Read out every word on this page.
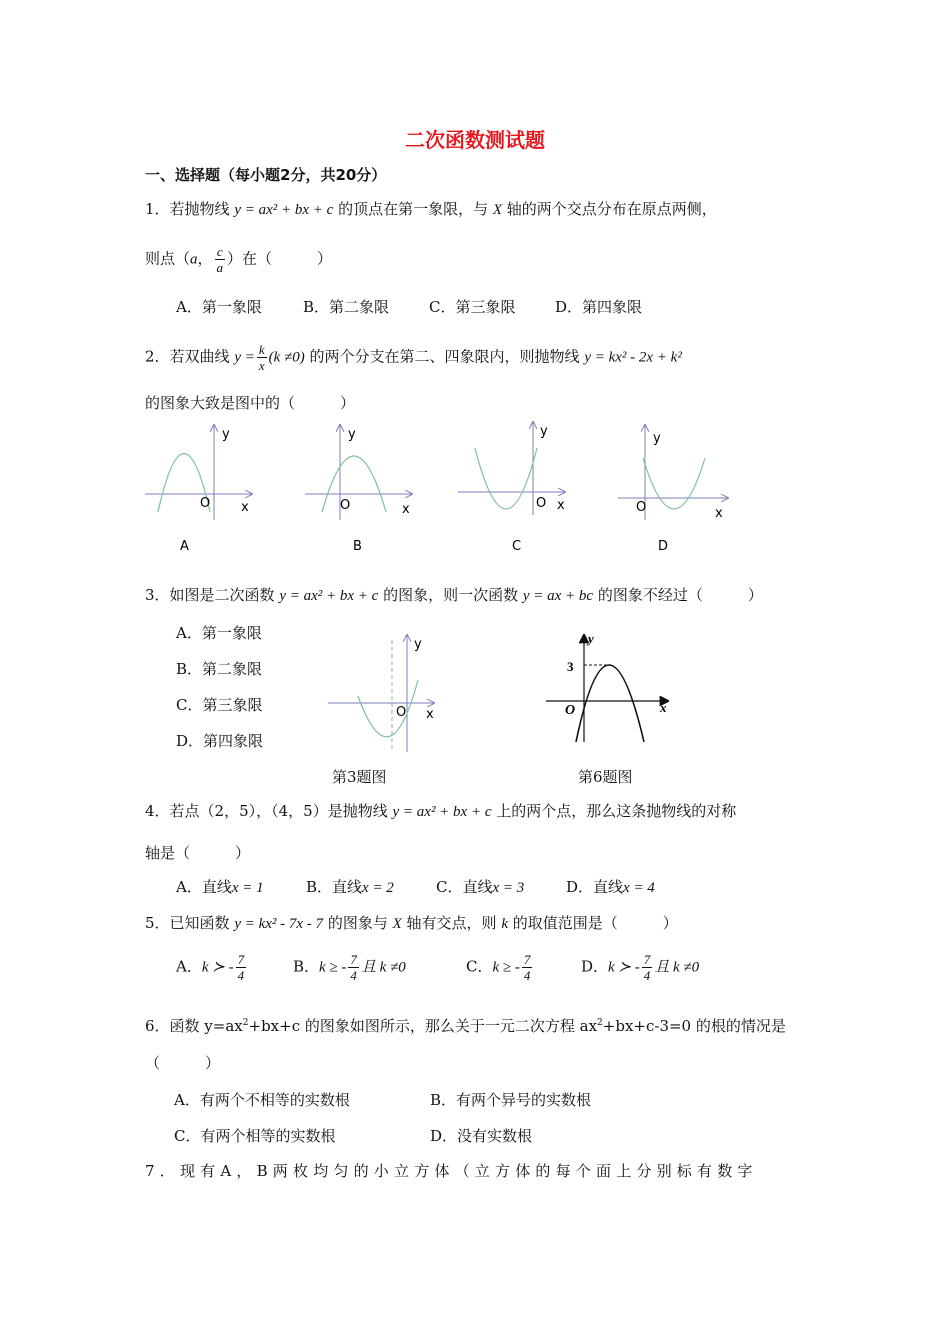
二次函数测试题
一、选择题（每小题2分，共20分）
1．若抛物线 y = ax² + bx + c 的顶点在第一象限，与 X 轴的两个交点分布在原点两侧，
则点（a， $\frac{c}{a}$ ）在（　　　）
A．第一象限	B．第二象限	C．第三象限	D．第四象限
2．若双曲线 $y = \frac{k}{x} (k \ne 0)$ 的两个分支在第二、四象限内，则抛物线 y = kx² - 2x + k²
的图象大致是图中的（　　　）
y
O x
A
y
O	x
B
y
O x
C
y
O	x
D
3．如图是二次函数 y = ax² + bx + c 的图象，则一次函数 y = ax + bc 的图象不经过（　　　）
A．第一象限
B．第二象限
C．第三象限
D．第四象限
y
O x
第3题图
3
O
y
x
第6题图
4．若点（2，5），（4，5）是抛物线 y = ax² + bx + c 上的两个点，那么这条抛物线的对称
轴是（　　　）
A．直线x = 1	B．直线x = 2	C．直线x = 3	D．直线x = 4
5．已知函数 y = kx² - 7x - 7 的图象与 X 轴有交点，则 k 的取值范围是（　　　）
A．k ≻ - $\frac{7}{4}$	B．k ≥ - $\frac{7}{4}$ 且 k ≠0	C．k ≥ - $\frac{7}{4}$	D．k ≻ - $\frac{7}{4}$ 且 k ≠0
6．函数 $y=ax^2+bx+c$ 的图象如图所示，那么关于一元二次方程 $ax^2+bx+c-3=0$ 的根的情况是
（　　　）
A．有两个不相等的实数根	B．有两个异号的实数根
C．有两个相等的实数根	D．没有实数根
7．现有A，B两枚均匀的小立方体（立方体的每个面上分别标有数字
